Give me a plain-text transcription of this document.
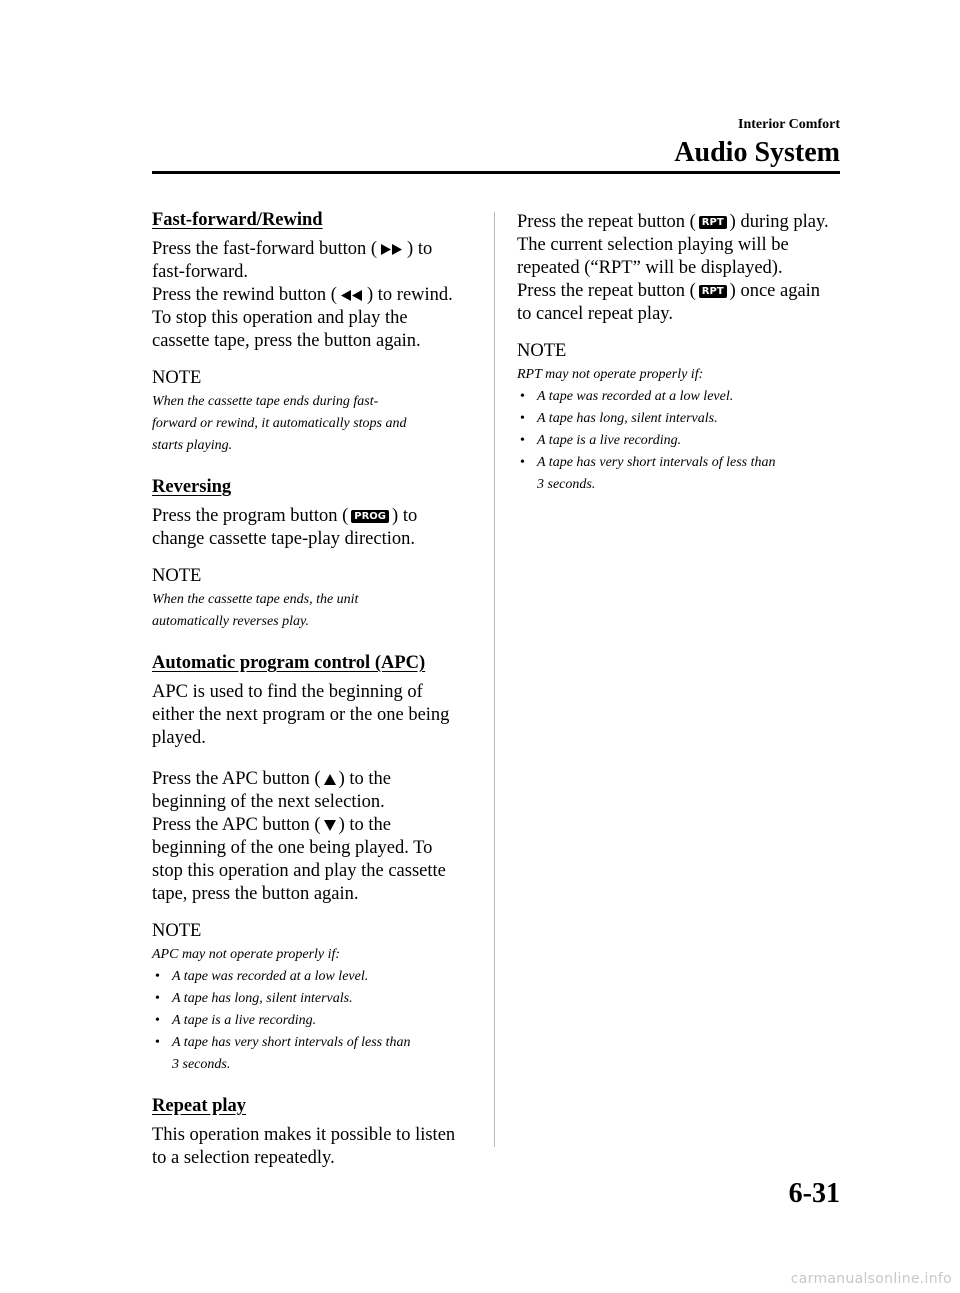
Interior Comfort
Audio System
Fast-forward/Rewind
Press the fast-forward button ( ) to
fast-forward.
Press the rewind button ( ) to rewind.
To stop this operation and play the
cassette tape, press the button again.
NOTE
When the cassette tape ends during fast-
forward or rewind, it automatically stops and
starts playing.
Reversing
Press the program button ( PROG ) to
change cassette tape-play direction.
NOTE
When the cassette tape ends, the unit
automatically reverses play.
Automatic program control (APC)
APC is used to find the beginning of
either the next program or the one being
played.
Press the APC button ( ) to the
beginning of the next selection.
Press the APC button ( ) to the
beginning of the one being played. To
stop this operation and play the cassette
tape, press the button again.
NOTE
APC may not operate properly if:
• A tape was recorded at a low level.
• A tape has long, silent intervals.
• A tape is a live recording.
• A tape has very short intervals of less than
3 seconds.
Repeat play
This operation makes it possible to listen
to a selection repeatedly.
Press the repeat button ( RPT ) during play.
The current selection playing will be
repeated (“RPT” will be displayed).
Press the repeat button ( RPT ) once again
to cancel repeat play.
NOTE
RPT may not operate properly if:
• A tape was recorded at a low level.
• A tape has long, silent intervals.
• A tape is a live recording.
• A tape has very short intervals of less than
3 seconds.
6-31
carmanualsonline.info
